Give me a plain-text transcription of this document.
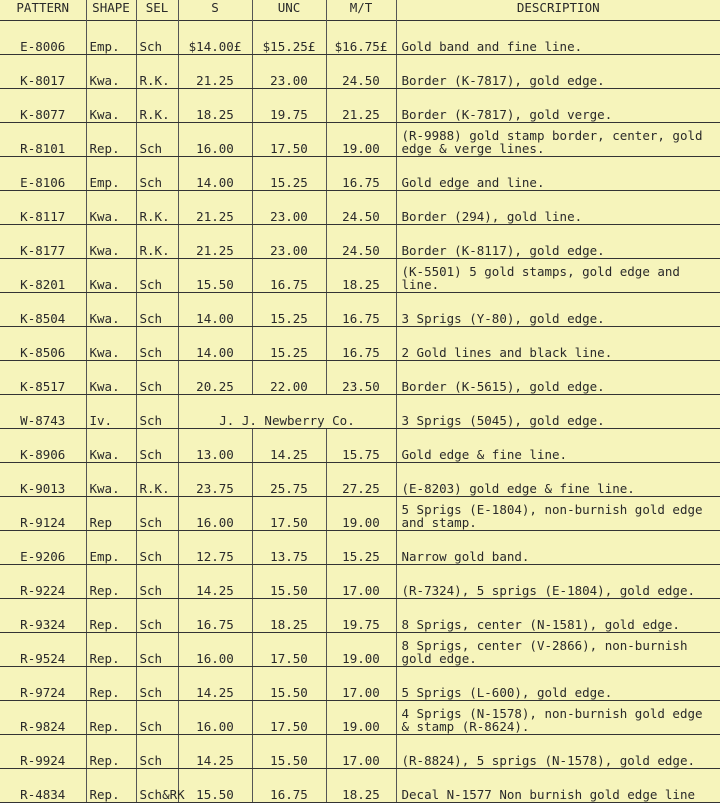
PATTERN	SHAPE	SEL	S	UNC	M/T	DESCRIPTION
E-8006	Emp.	Sch	$14.00£	$15.25£	$16.75£	Gold band and fine line.
K-8017	Kwa.	R.K.	21.25	23.00	24.50	Border (K-7817), gold edge.
K-8077	Kwa.	R.K.	18.25	19.75	21.25	Border (K-7817), gold verge.
R-8101	Rep.	Sch	16.00	17.50	19.00	(R-9988) gold stamp border, center, gold edge & verge lines.
E-8106	Emp.	Sch	14.00	15.25	16.75	Gold edge and line.
K-8117	Kwa.	R.K.	21.25	23.00	24.50	Border (294), gold line.
K-8177	Kwa.	R.K.	21.25	23.00	24.50	Border (K-8117), gold edge.
K-8201	Kwa.	Sch	15.50	16.75	18.25	(K-5501) 5 gold stamps, gold edge and line.
K-8504	Kwa.	Sch	14.00	15.25	16.75	3 Sprigs (Y-80), gold edge.
K-8506	Kwa.	Sch	14.00	15.25	16.75	2 Gold lines and black line.
K-8517	Kwa.	Sch	20.25	22.00	23.50	Border (K-5615), gold edge.
W-8743	Iv.	Sch	J. J. Newberry Co.			3 Sprigs (5045), gold edge.
K-8906	Kwa.	Sch	13.00	14.25	15.75	Gold edge & fine line.
K-9013	Kwa.	R.K.	23.75	25.75	27.25	(E-8203) gold edge & fine line.
R-9124	Rep	Sch	16.00	17.50	19.00	5 Sprigs (E-1804), non-burnish gold edge and stamp.
E-9206	Emp.	Sch	12.75	13.75	15.25	Narrow gold band.
R-9224	Rep.	Sch	14.25	15.50	17.00	(R-7324), 5 sprigs (E-1804), gold edge.
R-9324	Rep.	Sch	16.75	18.25	19.75	8 Sprigs, center (N-1581), gold edge.
R-9524	Rep.	Sch	16.00	17.50	19.00	8 Sprigs, center (V-2866), non-burnish gold edge.
R-9724	Rep.	Sch	14.25	15.50	17.00	5 Sprigs (L-600), gold edge.
R-9824	Rep.	Sch	16.00	17.50	19.00	4 Sprigs (N-1578), non-burnish gold edge & stamp (R-8624).
R-9924	Rep.	Sch	14.25	15.50	17.00	(R-8824), 5 sprigs (N-1578), gold edge.
R-4834	Rep.	Sch&RK	15.50	16.75	18.25	Decal N-1577 Non burnish gold edge line
